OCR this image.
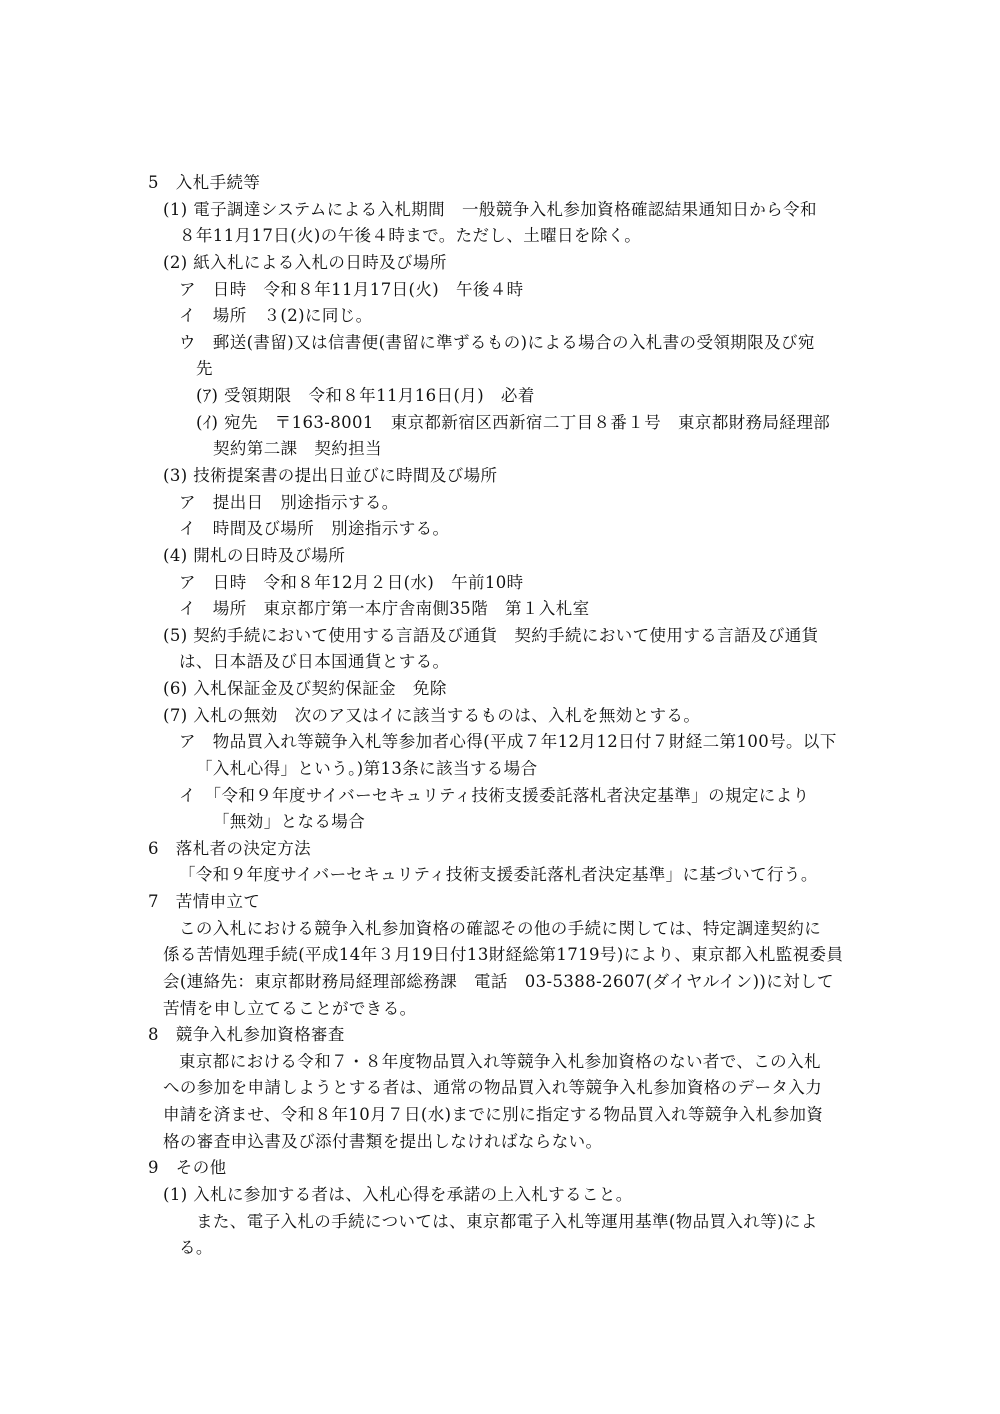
5　入札手続等
(1) 電子調達システムによる入札期間　一般競争入札参加資格確認結果通知日から令和
８年11月17日(火)の午後４時まで。ただし、土曜日を除く。
(2) 紙入札による入札の日時及び場所
ア　日時　令和８年11月17日(火)　午後４時
イ　場所　３(2)に同じ。
ウ　郵送(書留)又は信書便(書留に準ずるもの)による場合の入札書の受領期限及び宛
先
(ｱ) 受領期限　令和８年11月16日(月)　必着
(ｲ) 宛先　〒163-8001　東京都新宿区西新宿二丁目８番１号　東京都財務局経理部
契約第二課　契約担当
(3) 技術提案書の提出日並びに時間及び場所
ア　提出日　別途指示する。
イ　時間及び場所　別途指示する。
(4) 開札の日時及び場所
ア　日時　令和８年12月２日(水)　午前10時
イ　場所　東京都庁第一本庁舎南側35階　第１入札室
(5) 契約手続において使用する言語及び通貨　契約手続において使用する言語及び通貨
は、日本語及び日本国通貨とする。
(6) 入札保証金及び契約保証金　免除
(7) 入札の無効　次のア又はイに該当するものは、入札を無効とする。
ア　物品買入れ等競争入札等参加者心得(平成７年12月12日付７財経二第100号。以下
「入札心得」という。)第13条に該当する場合
イ　「令和９年度サイバーセキュリティ技術支援委託落札者決定基準」の規定により
「無効」となる場合
6　落札者の決定方法
「令和９年度サイバーセキュリティ技術支援委託落札者決定基準」に基づいて行う。
7　苦情申立て
この入札における競争入札参加資格の確認その他の手続に関しては、特定調達契約に
係る苦情処理手続(平成14年３月19日付13財経総第1719号)により、東京都入札監視委員
会(連絡先：東京都財務局経理部総務課　電話　03-5388-2607(ダイヤルイン))に対して
苦情を申し立てることができる。
8　競争入札参加資格審査
東京都における令和７・８年度物品買入れ等競争入札参加資格のない者で、この入札
への参加を申請しようとする者は、通常の物品買入れ等競争入札参加資格のデータ入力
申請を済ませ、令和８年10月７日(水)までに別に指定する物品買入れ等競争入札参加資
格の審査申込書及び添付書類を提出しなければならない。
9　その他
(1) 入札に参加する者は、入札心得を承諾の上入札すること。
また、電子入札の手続については、東京都電子入札等運用基準(物品買入れ等)によ
る。
